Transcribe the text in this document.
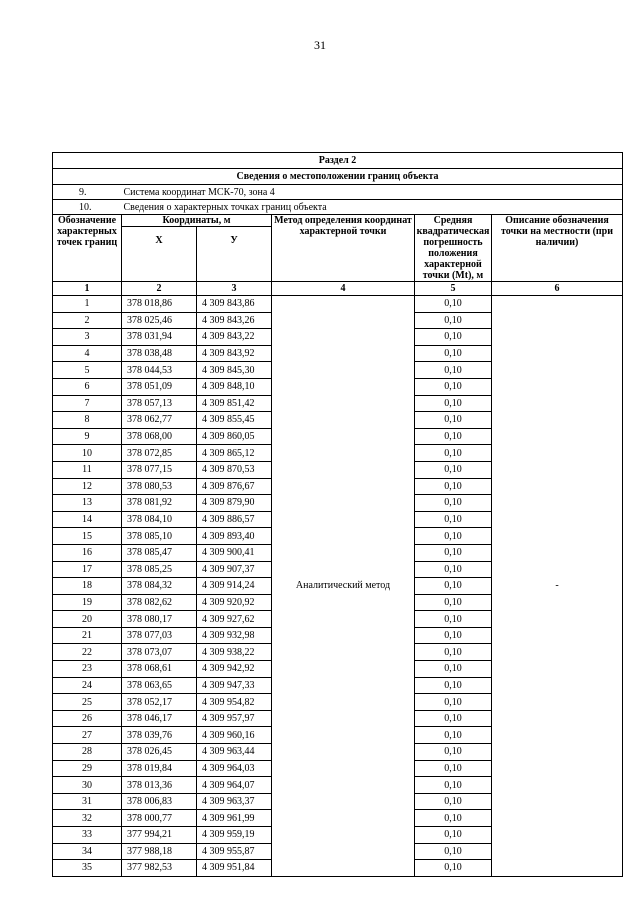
31
Раздел 2					
Сведения о местоположении границ объекта					
9.	Система координат МСК-70, зона 4				
10.	Сведения о характерных точках границ объекта				
Обозначение характерных точек границ	Координаты, м		Метод определения координат характерной точки	Средняя квадратическая погрешность положения характерной точки (Мt), м	Описание обозначения точки на местности (при наличии)
	X	У			
1	2	3	4	5	6
1	378 018,86	4 309 843,86	Аналитический метод	0,10	-
2	378 025,46	4 309 843,26		0,10	
3	378 031,94	4 309 843,22		0,10	
4	378 038,48	4 309 843,92		0,10	
5	378 044,53	4 309 845,30		0,10	
6	378 051,09	4 309 848,10		0,10	
7	378 057,13	4 309 851,42		0,10	
8	378 062,77	4 309 855,45		0,10	
9	378 068,00	4 309 860,05		0,10	
10	378 072,85	4 309 865,12		0,10	
11	378 077,15	4 309 870,53		0,10	
12	378 080,53	4 309 876,67		0,10	
13	378 081,92	4 309 879,90		0,10	
14	378 084,10	4 309 886,57		0,10	
15	378 085,10	4 309 893,40		0,10	
16	378 085,47	4 309 900,41		0,10	
17	378 085,25	4 309 907,37		0,10	
18	378 084,32	4 309 914,24		0,10	
19	378 082,62	4 309 920,92		0,10	
20	378 080,17	4 309 927,62		0,10	
21	378 077,03	4 309 932,98		0,10	
22	378 073,07	4 309 938,22		0,10	
23	378 068,61	4 309 942,92		0,10	
24	378 063,65	4 309 947,33		0,10	
25	378 052,17	4 309 954,82		0,10	
26	378 046,17	4 309 957,97		0,10	
27	378 039,76	4 309 960,16		0,10	
28	378 026,45	4 309 963,44		0,10	
29	378 019,84	4 309 964,03		0,10	
30	378 013,36	4 309 964,07		0,10	
31	378 006,83	4 309 963,37		0,10	
32	378 000,77	4 309 961,99		0,10	
33	377 994,21	4 309 959,19		0,10	
34	377 988,18	4 309 955,87		0,10	
35	377 982,53	4 309 951,84		0,10	
